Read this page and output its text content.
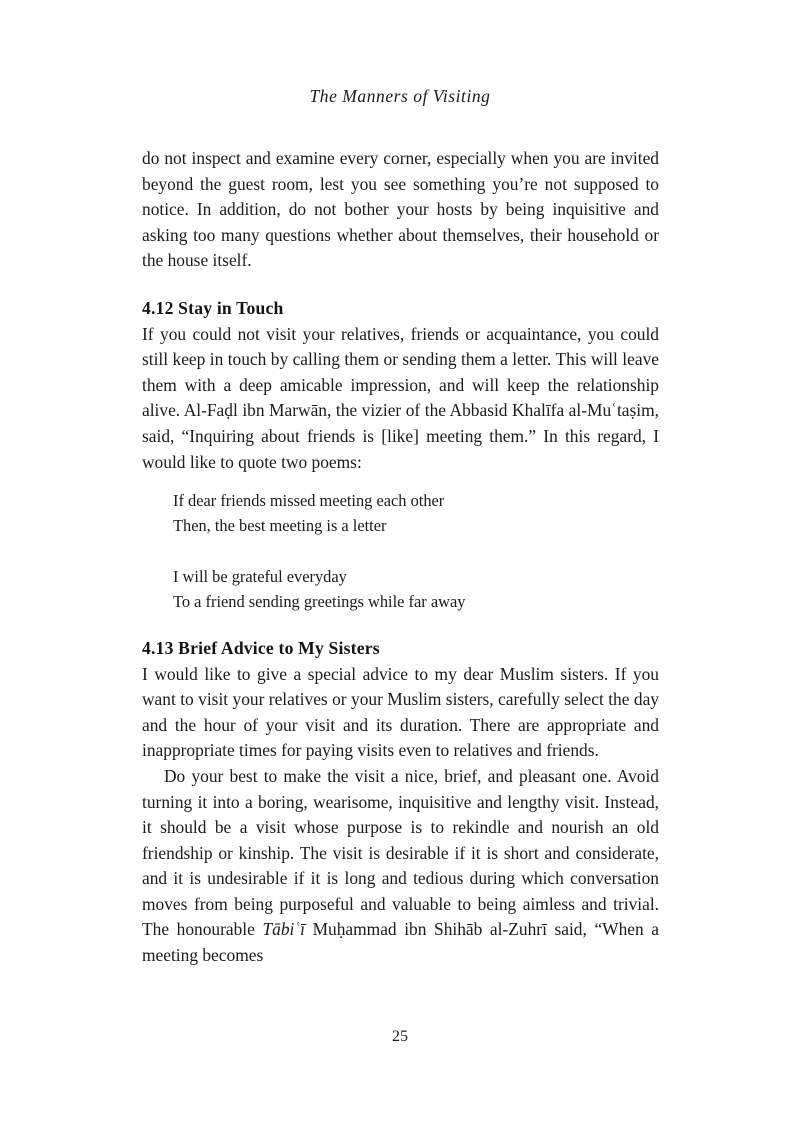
The Manners of Visiting

do not inspect and examine every corner, especially when you are invited beyond the guest room, lest you see something you’re not supposed to notice. In addition, do not bother your hosts by being inquisitive and asking too many questions whether about themselves, their household or the house itself.

4.12 Stay in Touch

If you could not visit your relatives, friends or acquaintance, you could still keep in touch by calling them or sending them a letter. This will leave them with a deep amicable impression, and will keep the relationship alive. Al-Faḍl ibn Marwān, the vizier of the Abbasid Khalīfa al-Muʿtaṣim, said, “Inquiring about friends is [like] meeting them.” In this regard, I would like to quote two poems:

If dear friends missed meeting each other
Then, the best meeting is a letter
I will be grateful everyday
To a friend sending greetings while far away
4.13 Brief Advice to My Sisters

I would like to give a special advice to my dear Muslim sisters. If you want to visit your relatives or your Muslim sisters, carefully select the day and the hour of your visit and its duration. There are appropriate and inappropriate times for paying visits even to relatives and friends.

Do your best to make the visit a nice, brief, and pleasant one. Avoid turning it into a boring, wearisome, inquisitive and lengthy visit. Instead, it should be a visit whose purpose is to rekindle and nourish an old friendship or kinship. The visit is desirable if it is short and considerate, and it is undesirable if it is long and tedious during which conversation moves from being purposeful and valuable to being aimless and trivial. The honourable Tābiʿī Muḥammad ibn Shihāb al-Zuhrī said, “When a meeting becomes

25
